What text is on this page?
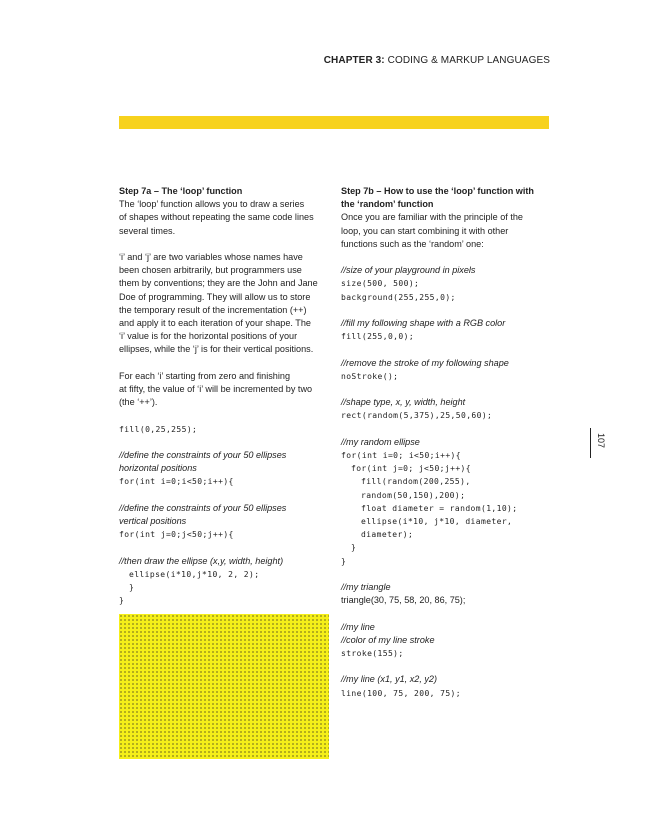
CHAPTER 3: CODING & MARKUP LANGUAGES

Step 7a – The ‘loop’ function

The ‘loop’ function allows you to draw a series

of shapes without repeating the same code lines

several times.

‘i’ and ‘j’ are two variables whose names have

been chosen arbitrarily, but programmers use

them by conventions; they are the John and Jane

Doe of programming. They will allow us to store

the temporary result of the incrementation (++)

and apply it to each iteration of your shape. The

‘i’ value is for the horizontal positions of your

ellipses, while the ‘j’ is for their vertical positions.

For each ‘i’ starting from zero and finishing

at fifty, the value of ‘i’ will be incremented by two

(the ‘++’).

fill(0,25,255);

//define the constraints of your 50 ellipses

horizontal positions

for(int i=0;i<50;i++){

//define the constraints of your 50 ellipses

vertical positions

for(int j=0;j<50;j++){

//then draw the ellipse (x,y, width, height)

ellipse(i*10,j*10, 2, 2);

}

}

Step 7b – How to use the ‘loop’ function with

the ‘random’ function

Once you are familiar with the principle of the

loop, you can start combining it with other

functions such as the ‘random’ one:

//size of your playground in pixels

size(500, 500);

background(255,255,0);

//fill my following shape with a RGB color

fill(255,0,0);

//remove the stroke of my following shape

noStroke();

//shape type, x, y, width, height

rect(random(5,375),25,50,60);

//my random ellipse

for(int i=0; i<50;i++){

for(int j=0; j<50;j++){

fill(random(200,255),

random(50,150),200);

float diameter = random(1,10);

ellipse(i*10, j*10, diameter,

diameter);

}

}

//my triangle

triangle(30, 75, 58, 20, 86, 75);

//my line

//color of my line stroke

stroke(155);

//my line (x1, y1, x2, y2)

line(100, 75, 200, 75);

107
